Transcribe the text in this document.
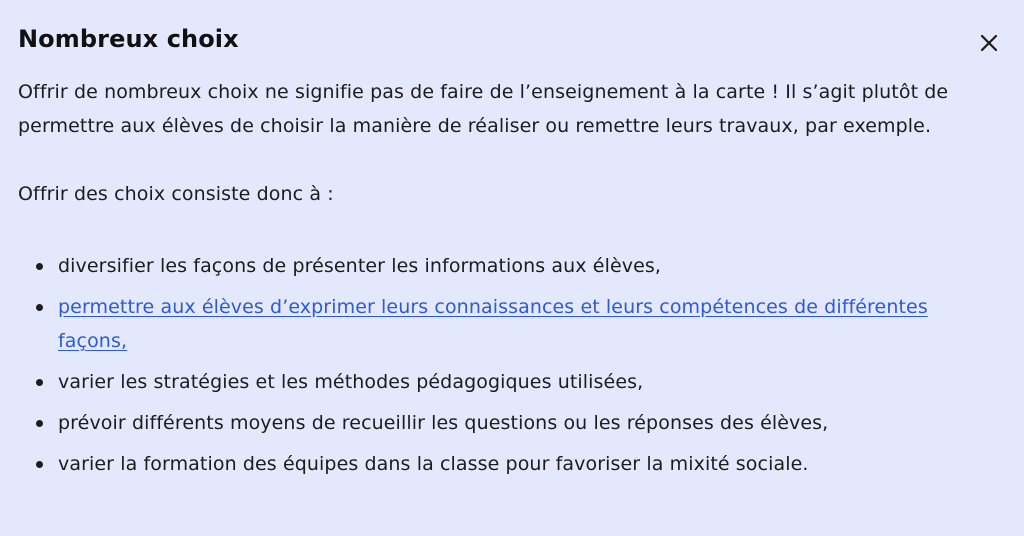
Nombreux choix

Offrir de nombreux choix ne signifie pas de faire de l’enseignement à la carte ! Il s’agit plutôt de permettre aux élèves de choisir la manière de réaliser ou remettre leurs travaux, par exemple.

Offrir des choix consiste donc à :

diversifier les façons de présenter les informations aux élèves,
permettre aux élèves d’exprimer leurs connaissances et leurs compétences de différentes façons,
varier les stratégies et les méthodes pédagogiques utilisées,
prévoir différents moyens de recueillir les questions ou les réponses des élèves,
varier la formation des équipes dans la classe pour favoriser la mixité sociale.
